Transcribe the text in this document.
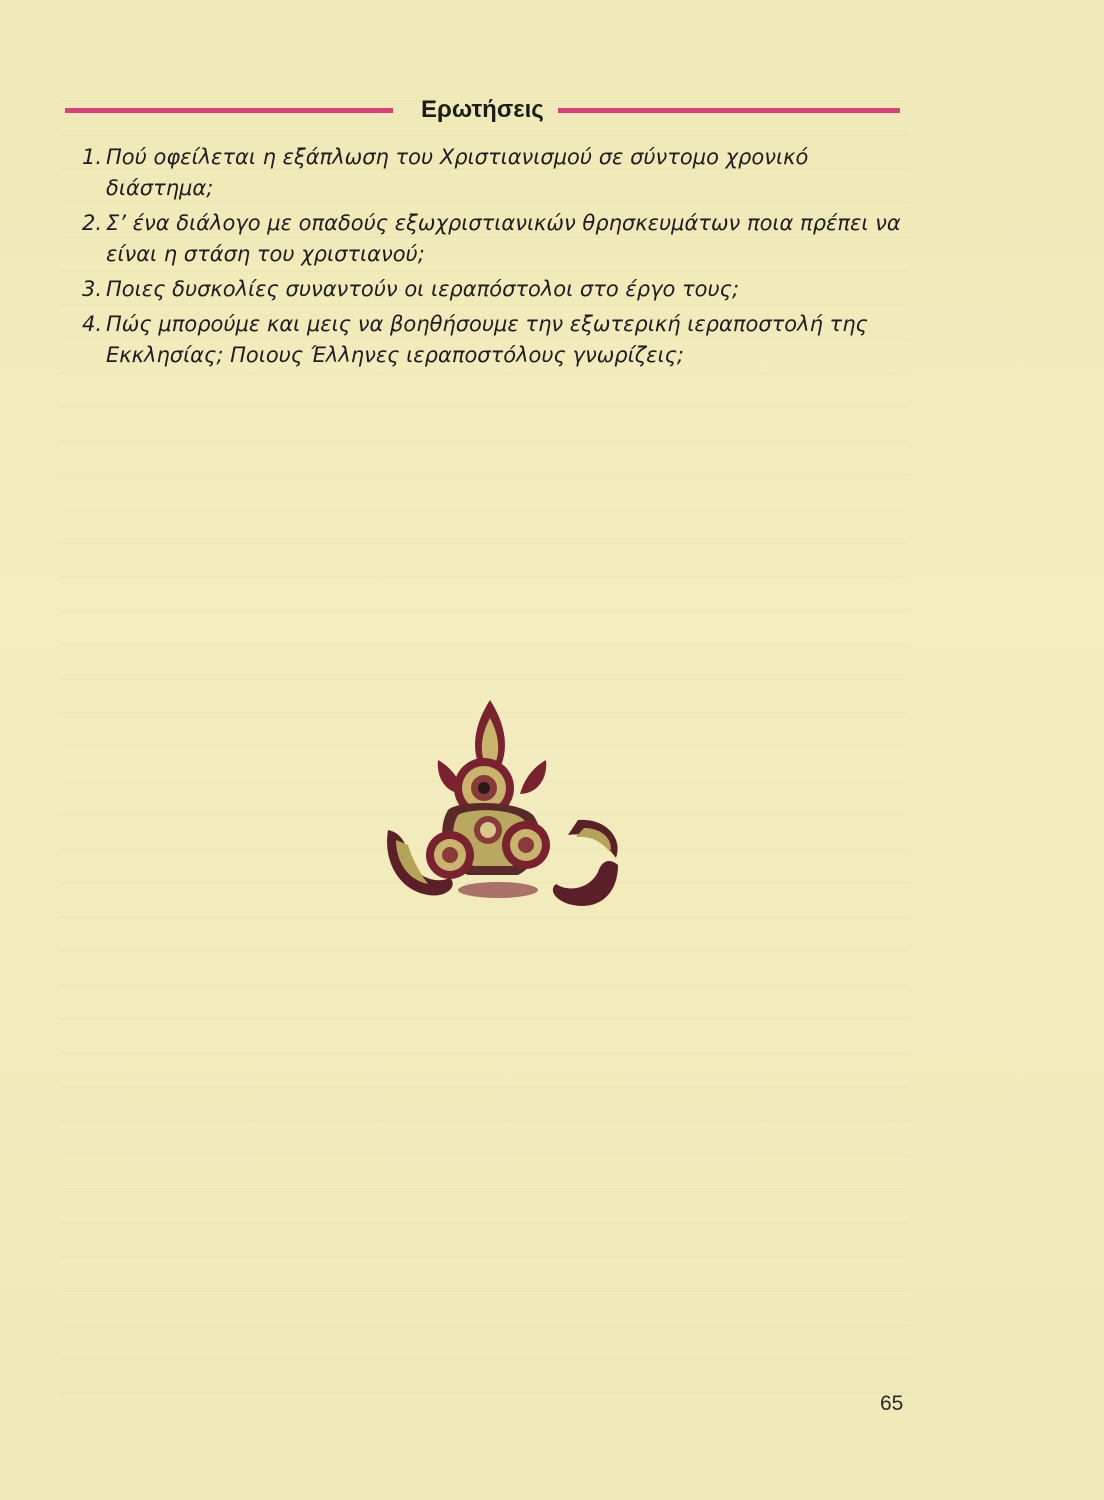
Ερωτήσεις
1. Πού οφείλεται η εξάπλωση του Χριστιανισμού σε σύντομο χρονικό διάστημα;
2. Σ’ ένα διάλογο με οπαδούς εξωχριστιανικών θρησκευμάτων ποια πρέπει να είναι η στάση του χριστιανού;
3. Ποιες δυσκολίες συναντούν οι ιεραπόστολοι στο έργο τους;
4. Πώς μπορούμε και μεις να βοηθήσουμε την εξωτερική ιεραποστολή της Εκκλησίας; Ποιους Έλληνες ιεραποστόλους γνωρίζεις;
65
